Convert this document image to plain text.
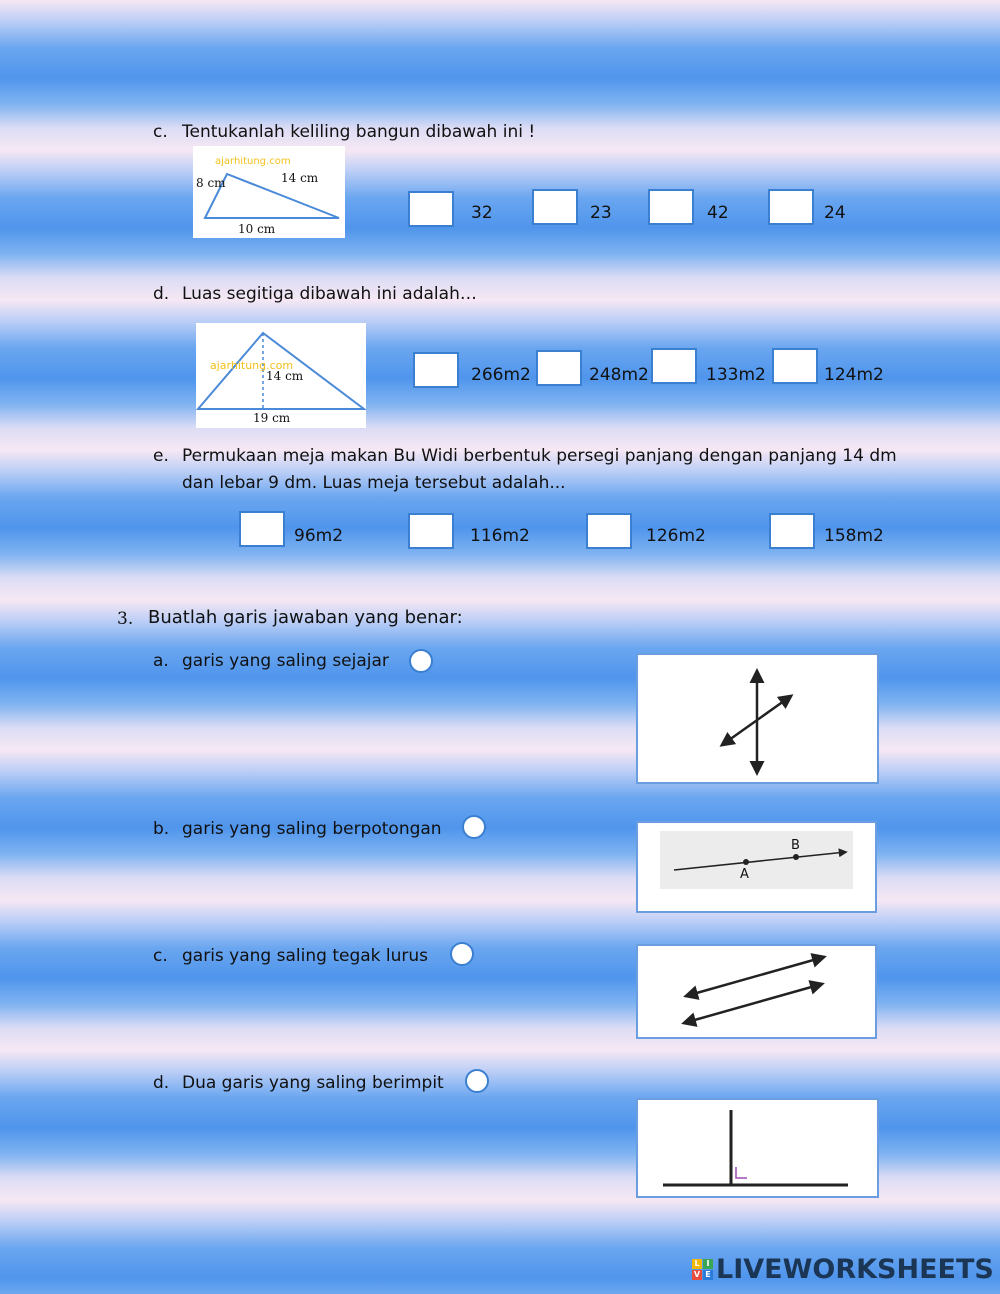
c. Tentukanlah keliling bangun dibawah ini !
ajarhitung.com
8 cm	14 cm
10 cm
32	23	42	24
d. Luas segitiga dibawah ini adalah…
ajarhitung.com
14 cm
19 cm
266m2	248m2	133m2	124m2
e. Permukaan meja makan Bu Widi berbentuk persegi panjang dengan panjang 14 dm
dan lebar 9 dm. Luas meja tersebut adalah...
96m2	116m2	126m2	158m2
3. Buatlah garis jawaban yang benar:
a. garis yang saling sejajar
b. garis yang saling berpotongan
c. garis yang saling tegak lurus
d. Dua garis yang saling berimpit
A
B
L I
V E LIVEWORKSHEETS
